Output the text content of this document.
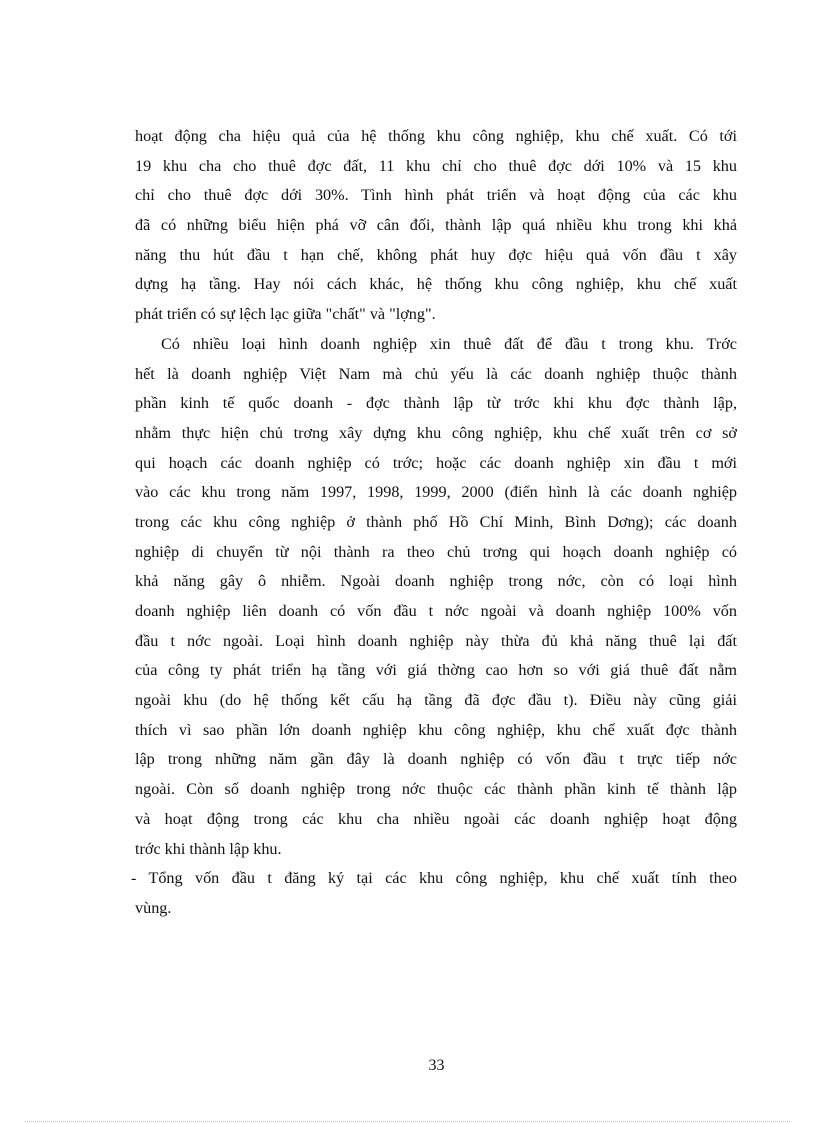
hoạt động cha hiệu quả của hệ thống khu công nghiệp, khu chế xuất. Có tới
19 khu cha cho thuê đợc đất, 11 khu chỉ cho thuê đợc dới 10% và 15 khu
chỉ cho thuê đợc dới 30%. Tình hình phát triển và hoạt động của các khu
đã có những biểu hiện phá vỡ cân đối, thành lập quá nhiều khu trong khi khả
năng thu hút đầu t hạn chế, không phát huy đợc hiệu quả vốn đầu t xây
dựng hạ tầng. Hay nói cách khác, hệ thống khu công nghiệp, khu chế xuất
phát triển có sự lệch lạc giữa "chất" và "lợng".
Có nhiều loại hình doanh nghiệp xin thuê đất để đầu t trong khu. Trớc
hết là doanh nghiệp Việt Nam mà chủ yếu là các doanh nghiệp thuộc thành
phần kinh tế quốc doanh - đợc thành lập từ trớc khi khu đợc thành lập,
nhằm thực hiện chủ trơng xây dựng khu công nghiệp, khu chế xuất trên cơ sở
qui hoạch các doanh nghiệp có trớc; hoặc các doanh nghiệp xin đầu t mới
vào các khu trong năm 1997, 1998, 1999, 2000 (điển hình là các doanh nghiệp
trong các khu công nghiệp ở thành phố Hồ Chí Minh, Bình Dơng); các doanh
nghiệp di chuyển từ nội thành ra theo chủ trơng qui hoạch doanh nghiệp có
khả năng gây ô nhiễm. Ngoài doanh nghiệp trong nớc, còn có loại hình
doanh nghiệp liên doanh có vốn đầu t nớc ngoài và doanh nghiệp 100% vốn
đầu t nớc ngoài. Loại hình doanh nghiệp này thừa đủ khả năng thuê lại đất
của công ty phát triển hạ tầng với giá thờng cao hơn so với giá thuê đất nằm
ngoài khu (do hệ thống kết cấu hạ tầng đã đợc đầu t). Điều này cũng giải
thích vì sao phần lớn doanh nghiệp khu công nghiệp, khu chế xuất đợc thành
lập trong những năm gần đây là doanh nghiệp có vốn đầu t trực tiếp nớc
ngoài. Còn số doanh nghiệp trong nớc thuộc các thành phần kinh tế thành lập
và hoạt động trong các khu cha nhiều ngoài các doanh nghiệp hoạt động
trớc khi thành lập khu.
- Tổng vốn đầu t đăng ký tại các khu công nghiệp, khu chế xuất tính theo
vùng.
33
